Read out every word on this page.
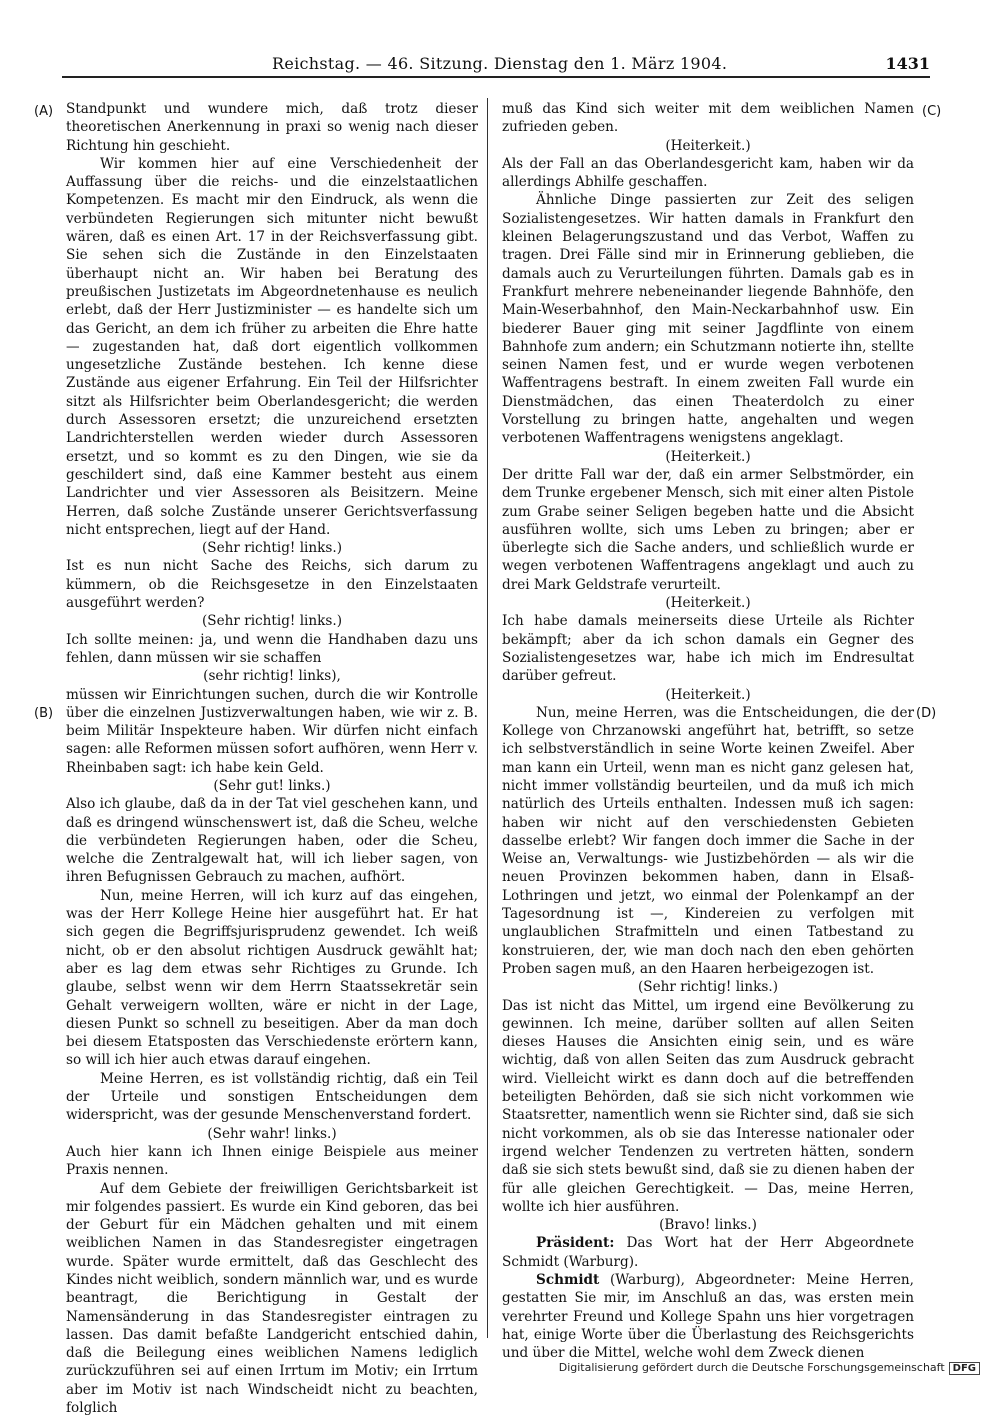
Reichstag. — 46. Sitzung. Dienstag den 1. März 1904.	1431
(A)
(B)
(C)
(D)

Standpunkt und wundere mich, daß trotz dieser theoretischen Anerkennung in praxi so wenig nach dieser Richtung hin geschieht.

Wir kommen hier auf eine Verschiedenheit der Auffassung über die reichs- und die einzelstaatlichen Kompetenzen. Es macht mir den Eindruck, als wenn die verbündeten Regierungen sich mitunter nicht bewußt wären, daß es einen Art. 17 in der Reichsverfassung gibt. Sie sehen sich die Zustände in den Einzelstaaten überhaupt nicht an. Wir haben bei Beratung des preußischen Justizetats im Abgeordnetenhause es neulich erlebt, daß der Herr Justizminister — es handelte sich um das Gericht, an dem ich früher zu arbeiten die Ehre hatte — zugestanden hat, daß dort eigentlich vollkommen ungesetzliche Zustände bestehen. Ich kenne diese Zustände aus eigener Erfahrung. Ein Teil der Hilfsrichter sitzt als Hilfsrichter beim Oberlandesgericht; die werden durch Assessoren ersetzt; die unzureichend ersetzten Landrichterstellen werden wieder durch Assessoren ersetzt, und so kommt es zu den Dingen, wie sie da geschildert sind, daß eine Kammer besteht aus einem Landrichter und vier Assessoren als Beisitzern. Meine Herren, daß solche Zustände unserer Gerichtsverfassung nicht entsprechen, liegt auf der Hand.

(Sehr richtig! links.)

Ist es nun nicht Sache des Reichs, sich darum zu kümmern, ob die Reichsgesetze in den Einzelstaaten ausgeführt werden?

(Sehr richtig! links.)

Ich sollte meinen: ja, und wenn die Handhaben dazu uns fehlen, dann müssen wir sie schaffen

(sehr richtig! links),

müssen wir Einrichtungen suchen, durch die wir Kontrolle über die einzelnen Justizverwaltungen haben, wie wir z. B. beim Militär Inspekteure haben. Wir dürfen nicht einfach sagen: alle Reformen müssen sofort aufhören, wenn Herr v. Rheinbaben sagt: ich habe kein Geld.

(Sehr gut! links.)

Also ich glaube, daß da in der Tat viel geschehen kann, und daß es dringend wünschenswert ist, daß die Scheu, welche die verbündeten Regierungen haben, oder die Scheu, welche die Zentralgewalt hat, will ich lieber sagen, von ihren Befugnissen Gebrauch zu machen, aufhört.

Nun, meine Herren, will ich kurz auf das eingehen, was der Herr Kollege Heine hier ausgeführt hat. Er hat sich gegen die Begriffsjurisprudenz gewendet. Ich weiß nicht, ob er den absolut richtigen Ausdruck gewählt hat; aber es lag dem etwas sehr Richtiges zu Grunde. Ich glaube, selbst wenn wir dem Herrn Staatssekretär sein Gehalt verweigern wollten, wäre er nicht in der Lage, diesen Punkt so schnell zu beseitigen. Aber da man doch bei diesem Etatsposten das Verschiedenste erörtern kann, so will ich hier auch etwas darauf eingehen.

Meine Herren, es ist vollständig richtig, daß ein Teil der Urteile und sonstigen Entscheidungen dem widerspricht, was der gesunde Menschenverstand fordert.

(Sehr wahr! links.)

Auch hier kann ich Ihnen einige Beispiele aus meiner Praxis nennen.

Auf dem Gebiete der freiwilligen Gerichtsbarkeit ist mir folgendes passiert. Es wurde ein Kind geboren, das bei der Geburt für ein Mädchen gehalten und mit einem weiblichen Namen in das Standesregister eingetragen wurde. Später wurde ermittelt, daß das Geschlecht des Kindes nicht weiblich, sondern männlich war, und es wurde beantragt, die Berichtigung in Gestalt der Namensänderung in das Standesregister eintragen zu lassen. Das damit befaßte Landgericht entschied dahin, daß die Beilegung eines weiblichen Namens lediglich zurückzuführen sei auf einen Irrtum im Motiv; ein Irrtum aber im Motiv ist nach Windscheidt nicht zu beachten, folglich

muß das Kind sich weiter mit dem weiblichen Namen zufrieden geben.

(Heiterkeit.)

Als der Fall an das Oberlandesgericht kam, haben wir da allerdings Abhilfe geschaffen.

Ähnliche Dinge passierten zur Zeit des seligen Sozialistengesetzes. Wir hatten damals in Frankfurt den kleinen Belagerungszustand und das Verbot, Waffen zu tragen. Drei Fälle sind mir in Erinnerung geblieben, die damals auch zu Verurteilungen führten. Damals gab es in Frankfurt mehrere nebeneinander liegende Bahnhöfe, den Main-Weserbahnhof, den Main-Neckarbahnhof usw. Ein biederer Bauer ging mit seiner Jagdflinte von einem Bahnhofe zum andern; ein Schutzmann notierte ihn, stellte seinen Namen fest, und er wurde wegen verbotenen Waffentragens bestraft. In einem zweiten Fall wurde ein Dienstmädchen, das einen Theaterdolch zu einer Vorstellung zu bringen hatte, angehalten und wegen verbotenen Waffentragens wenigstens angeklagt.

(Heiterkeit.)

Der dritte Fall war der, daß ein armer Selbstmörder, ein dem Trunke ergebener Mensch, sich mit einer alten Pistole zum Grabe seiner Seligen begeben hatte und die Absicht ausführen wollte, sich ums Leben zu bringen; aber er überlegte sich die Sache anders, und schließlich wurde er wegen verbotenen Waffentragens angeklagt und auch zu drei Mark Geldstrafe verurteilt.

(Heiterkeit.)

Ich habe damals meinerseits diese Urteile als Richter bekämpft; aber da ich schon damals ein Gegner des Sozialistengesetzes war, habe ich mich im Endresultat darüber gefreut.

(Heiterkeit.)

Nun, meine Herren, was die Entscheidungen, die der Kollege von Chrzanowski angeführt hat, betrifft, so setze ich selbstverständlich in seine Worte keinen Zweifel. Aber man kann ein Urteil, wenn man es nicht ganz gelesen hat, nicht immer vollständig beurteilen, und da muß ich mich natürlich des Urteils enthalten. Indessen muß ich sagen: haben wir nicht auf den verschiedensten Gebieten dasselbe erlebt? Wir fangen doch immer die Sache in der Weise an, Verwaltungs- wie Justizbehörden — als wir die neuen Provinzen bekommen haben, dann in Elsaß-Lothringen und jetzt, wo einmal der Polenkampf an der Tagesordnung ist —, Kindereien zu verfolgen mit unglaublichen Strafmitteln und einen Tatbestand zu konstruieren, der, wie man doch nach den eben gehörten Proben sagen muß, an den Haaren herbeigezogen ist.

(Sehr richtig! links.)

Das ist nicht das Mittel, um irgend eine Bevölkerung zu gewinnen. Ich meine, darüber sollten auf allen Seiten dieses Hauses die Ansichten einig sein, und es wäre wichtig, daß von allen Seiten das zum Ausdruck gebracht wird. Vielleicht wirkt es dann doch auf die betreffenden beteiligten Behörden, daß sie sich nicht vorkommen wie Staatsretter, namentlich wenn sie Richter sind, daß sie sich nicht vorkommen, als ob sie das Interesse nationaler oder irgend welcher Tendenzen zu vertreten hätten, sondern daß sie sich stets bewußt sind, daß sie zu dienen haben der für alle gleichen Gerechtigkeit. — Das, meine Herren, wollte ich hier ausführen.

(Bravo! links.)

Präsident: Das Wort hat der Herr Abgeordnete Schmidt (Warburg).

Schmidt (Warburg), Abgeordneter: Meine Herren, gestatten Sie mir, im Anschluß an das, was ersten mein verehrter Freund und Kollege Spahn uns hier vorgetragen hat, einige Worte über die Überlastung des Reichsgerichts und über die Mittel, welche wohl dem Zweck dienen

Digitalisierung gefördert durch die Deutsche Forschungsgemeinschaft DFG
